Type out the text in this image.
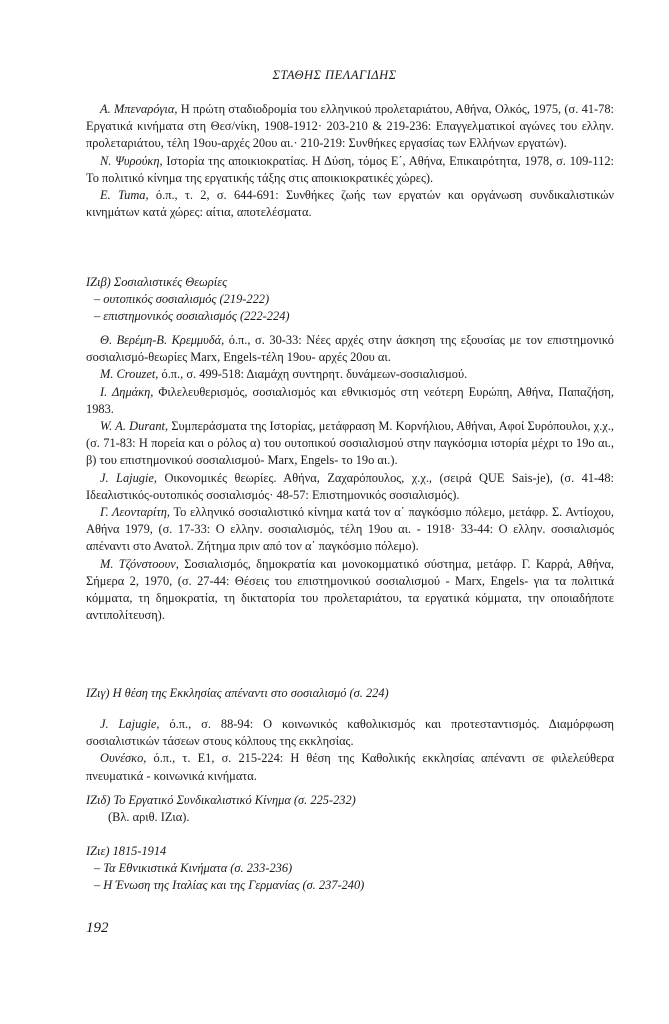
ΣΤΑΘΗΣ ΠΕΛΑΓΙΔΗΣ

A. Μπεναρόγια, Η πρώτη σταδιοδρομία του ελληνικού προλεταριάτου, Αθήνα, Ολκός, 1975, (σ. 41-78: Εργατικά κινήματα στη Θεσ/νίκη, 1908-1912· 203-210 & 219-236: Επαγγελματικοί αγώνες του ελλην. προλεταριάτου, τέλη 19ου-αρχές 20ου αι.· 210-219: Συνθήκες εργασίας των Ελλήνων εργατών).

Ν. Ψυρούκη, Ιστορία της αποικιοκρατίας. Η Δύση, τόμος Ε΄, Αθήνα, Επικαιρότητα, 1978, σ. 109-112: Το πολιτικό κίνημα της εργατικής τάξης στις αποικιοκρατικές χώρες).

E. Tuma, ό.π., τ. 2, σ. 644-691: Συνθήκες ζωής των εργατών και οργάνωση συνδικαλιστικών κινημάτων κατά χώρες: αίτια, αποτελέσματα.

ΙΖιβ) Σοσιαλιστικές Θεωρίες

– ουτοπικός σοσιαλισμός (219-222)

– επιστημονικός σοσιαλισμός (222-224)

Θ. Βερέμη-Β. Κρεμμυδά, ό.π., σ. 30-33: Νέες αρχές στην άσκηση της εξουσίας με τον επιστημονικό σοσιαλισμό-θεωρίες Marx, Engels-τέλη 19ου- αρχές 20ου αι.

M. Crouzet, ό.π., σ. 499-518: Διαμάχη συντηρητ. δυνάμεων-σοσιαλισμού.

Ι. Δημάκη, Φιλελευθερισμός, σοσιαλισμός και εθνικισμός στη νεότερη Ευρώπη, Αθήνα, Παπαζήση, 1983.

W. A. Durant, Συμπεράσματα της Ιστορίας, μετάφραση Μ. Κορνήλιου, Αθήναι, Αφοί Συρόπουλοι, χ.χ., (σ. 71-83: Η πορεία και ο ρόλος α) του ουτοπικού σοσιαλισμού στην παγκόσμια ιστορία μέχρι το 19ο αι., β) του επιστημονικού σοσιαλισμού- Marx, Engels- το 19ο αι.).

J. Lajugie, Οικονομικές θεωρίες. Αθήνα, Ζαχαρόπουλος, χ.χ., (σειρά QUE Sais-je), (σ. 41-48: Ιδεαλιστικός-ουτοπικός σοσιαλισμός· 48-57: Επιστημονικός σοσιαλισμός).

Γ. Λεονταρίτη, Το ελληνικό σοσιαλιστικό κίνημα κατά τον α΄ παγκόσμιο πόλεμο, μετάφρ. Σ. Αντίοχου, Αθήνα 1979, (σ. 17-33: Ο ελλην. σοσιαλισμός, τέλη 19ου αι. - 1918· 33-44: Ο ελλην. σοσιαλισμός απέναντι στο Ανατολ. Ζήτημα πριν από τον α΄ παγκόσμιο πόλεμο).

M. Τζόνστοουν, Σοσιαλισμός, δημοκρατία και μονοκομματικό σύστημα, μετάφρ. Γ. Καρρά, Αθήνα, Σήμερα 2, 1970, (σ. 27-44: Θέσεις του επιστημονικού σοσιαλισμού - Marx, Engels- για τα πολιτικά κόμματα, τη δημοκρατία, τη δικτατορία του προλεταριάτου, τα εργατικά κόμματα, την οποιαδήποτε αντιπολίτευση).

ΙΖιγ) Η θέση της Εκκλησίας απέναντι στο σοσιαλισμό (σ. 224)

J. Lajugie, ό.π., σ. 88-94: Ο κοινωνικός καθολικισμός και προτεσταντισμός. Διαμόρφωση σοσιαλιστικών τάσεων στους κόλπους της εκκλησίας.

Ουνέσκο, ό.π., τ. Ε1, σ. 215-224: Η θέση της Καθολικής εκκλησίας απέναντι σε φιλελεύθερα πνευματικά - κοινωνικά κινήματα.

ΙΖιδ) Το Εργατικό Συνδικαλιστικό Κίνημα (σ. 225-232)

(Βλ. αριθ. ΙΖια).

ΙΖιε) 1815-1914

– Τα Εθνικιστικά Κινήματα (σ. 233-236)

– Η Ένωση της Ιταλίας και της Γερμανίας (σ. 237-240)

192
